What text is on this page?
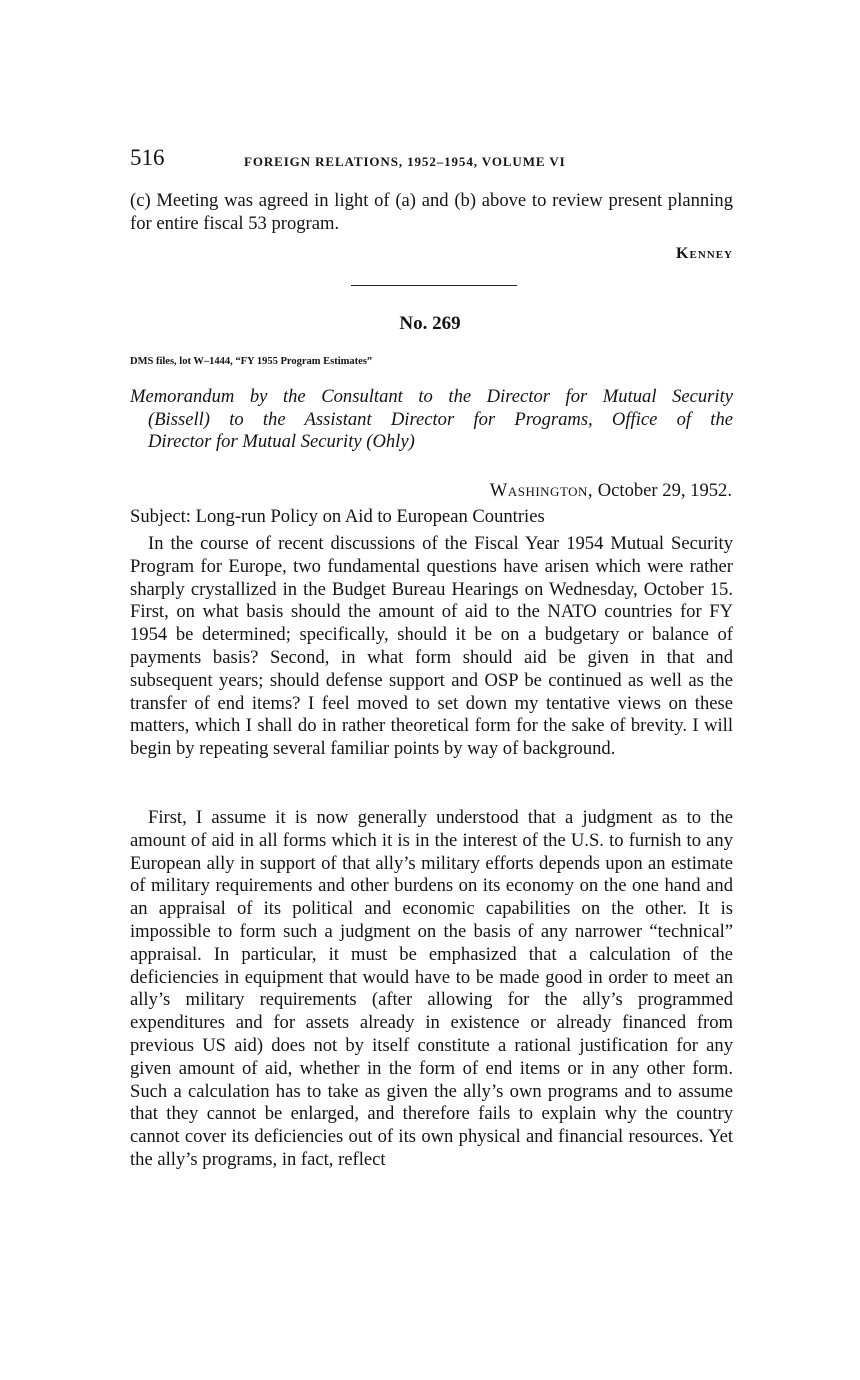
516	FOREIGN RELATIONS, 1952–1954, VOLUME VI

(c) Meeting was agreed in light of (a) and (b) above to review present planning for entire fiscal 53 program.

Kenney
No. 269
DMS files, lot W–1444, “FY 1955 Program Estimates”

Memorandum by the Consultant to the Director for Mutual Security
(Bissell) to the Assistant Director for Programs, Office of the
Director for Mutual Security (Ohly)

Washington, October 29, 1952.
Subject: Long-run Policy on Aid to European Countries

In the course of recent discussions of the Fiscal Year 1954 Mutual Security Program for Europe, two fundamental questions have arisen which were rather sharply crystallized in the Budget Bureau Hearings on Wednesday, October 15. First, on what basis should the amount of aid to the NATO countries for FY 1954 be determined; specifically, should it be on a budgetary or balance of payments basis? Second, in what form should aid be given in that and subsequent years; should defense support and OSP be continued as well as the transfer of end items? I feel moved to set down my tentative views on these matters, which I shall do in rather theoretical form for the sake of brevity. I will begin by repeating several familiar points by way of background.

First, I assume it is now generally understood that a judgment as to the amount of aid in all forms which it is in the interest of the U.S. to furnish to any European ally in support of that ally’s military efforts depends upon an estimate of military requirements and other burdens on its economy on the one hand and an appraisal of its political and economic capabilities on the other. It is impossible to form such a judgment on the basis of any narrower “technical” appraisal. In particular, it must be emphasized that a calculation of the deficiencies in equipment that would have to be made good in order to meet an ally’s military requirements (after allowing for the ally’s programmed expenditures and for assets already in existence or already financed from previous US aid) does not by itself constitute a rational justification for any given amount of aid, whether in the form of end items or in any other form. Such a calculation has to take as given the ally’s own programs and to assume that they cannot be enlarged, and therefore fails to explain why the country cannot cover its deficiencies out of its own physical and financial resources. Yet the ally’s programs, in fact, reflect
